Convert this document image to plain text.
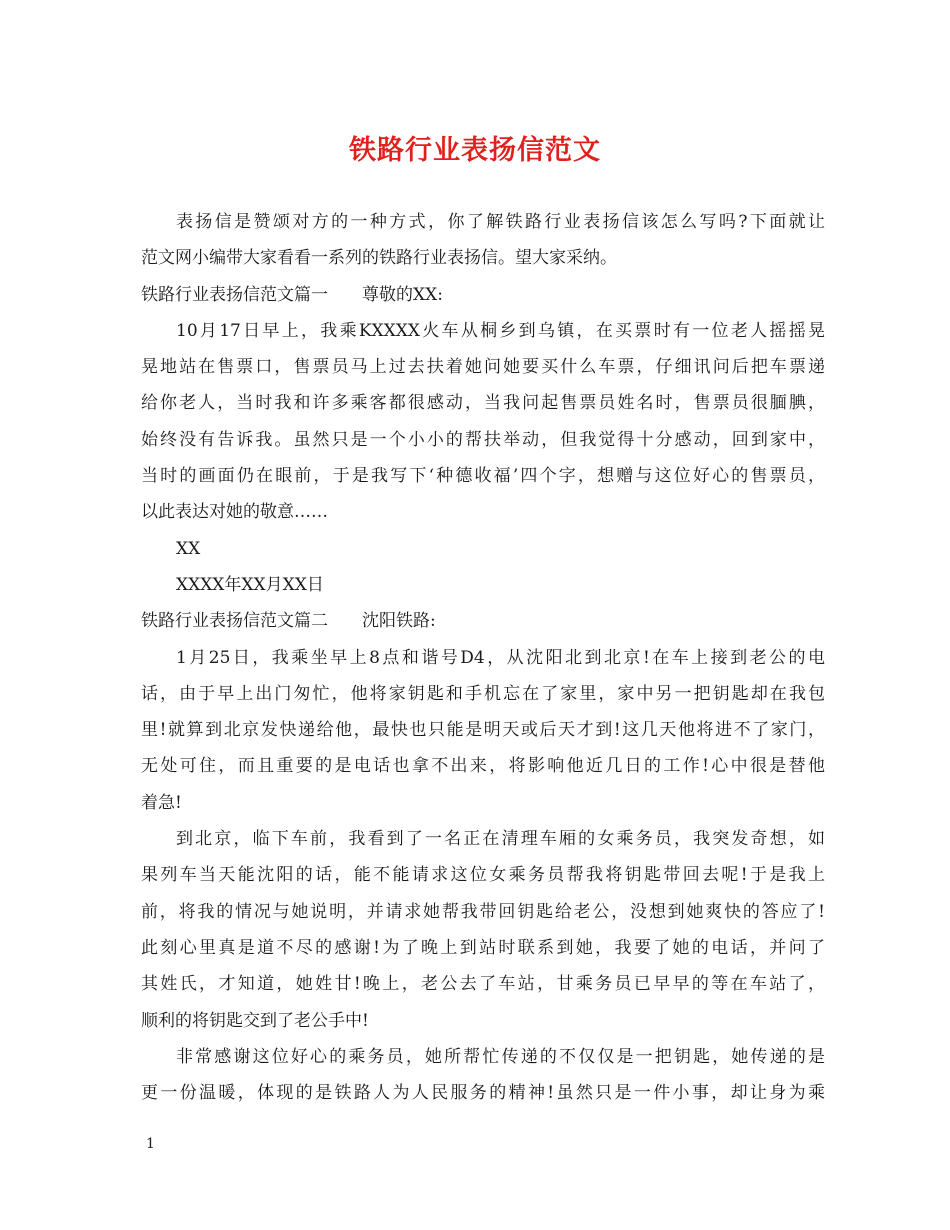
铁路行业表扬信范文
表扬信是赞颂对方的一种方式，你了解铁路行业表扬信该怎么写吗?下面就让
范文网小编带大家看看一系列的铁路行业表扬信。望大家采纳。
铁路行业表扬信范文篇一　　尊敬的XX:
10月17日早上，我乘KXXXX火车从桐乡到乌镇，在买票时有一位老人摇摇晃
晃地站在售票口，售票员马上过去扶着她问她要买什么车票，仔细讯问后把车票递
给你老人，当时我和许多乘客都很感动，当我问起售票员姓名时，售票员很腼腆，
始终没有告诉我。虽然只是一个小小的帮扶举动，但我觉得十分感动，回到家中，
当时的画面仍在眼前，于是我写下‘种德收福’四个字，想赠与这位好心的售票员，
以此表达对她的敬意……
XX
XXXX年XX月XX日
铁路行业表扬信范文篇二　　沈阳铁路:
1月25日，我乘坐早上8点和谐号D4，从沈阳北到北京!在车上接到老公的电
话，由于早上出门匆忙，他将家钥匙和手机忘在了家里，家中另一把钥匙却在我包
里!就算到北京发快递给他，最快也只能是明天或后天才到!这几天他将进不了家门，
无处可住，而且重要的是电话也拿不出来，将影响他近几日的工作!心中很是替他
着急!
到北京，临下车前，我看到了一名正在清理车厢的女乘务员，我突发奇想，如
果列车当天能沈阳的话，能不能请求这位女乘务员帮我将钥匙带回去呢!于是我上
前，将我的情况与她说明，并请求她帮我带回钥匙给老公，没想到她爽快的答应了!
此刻心里真是道不尽的感谢!为了晚上到站时联系到她，我要了她的电话，并问了
其姓氏，才知道，她姓甘!晚上，老公去了车站，甘乘务员已早早的等在车站了，
顺利的将钥匙交到了老公手中!
非常感谢这位好心的乘务员，她所帮忙传递的不仅仅是一把钥匙，她传递的是
更一份温暖，体现的是铁路人为人民服务的精神!虽然只是一件小事，却让身为乘
1
